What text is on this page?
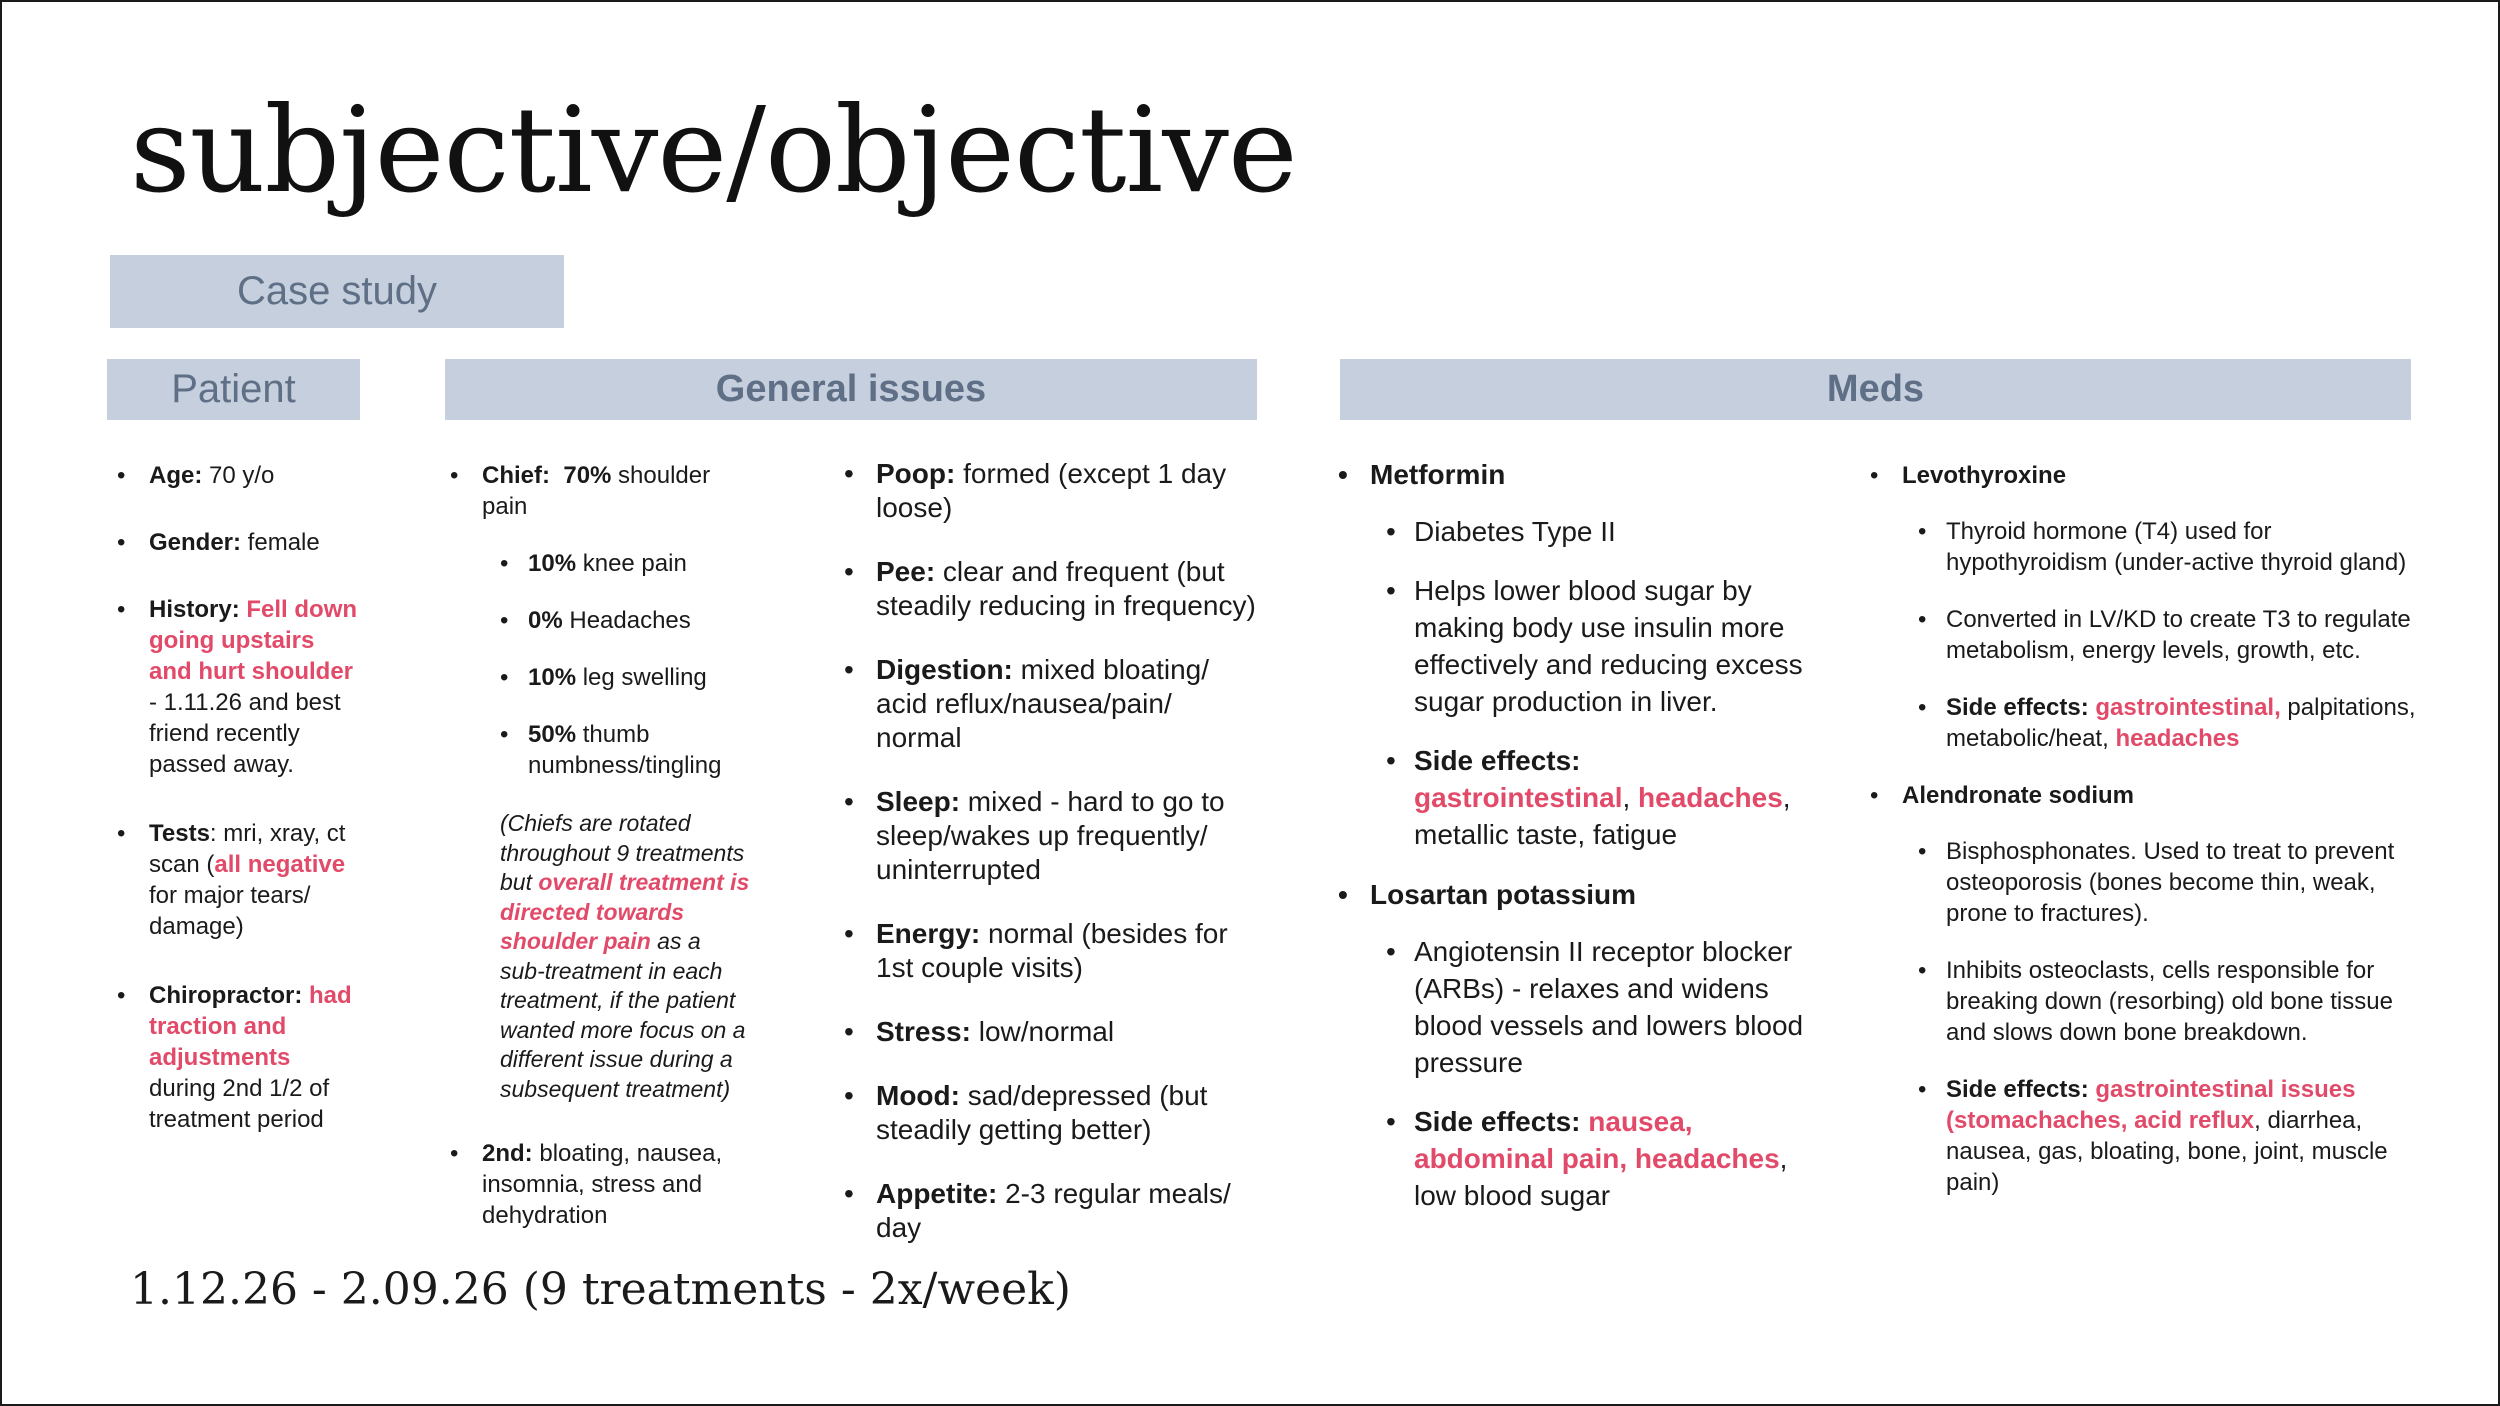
subjective/objective
Case study
Patient	General issues	Meds
• Age: 70 y/o
• Gender: female
• History: Fell down going upstairs and hurt shoulder - 1.11.26 and best friend recently passed away.
• Tests: mri, xray, ct scan (all negative for major tears/ damage)
• Chiropractor: had traction and adjustments during 2nd 1/2 of treatment period
• Chief: 70% shoulder pain
• 10% knee pain
• 0% Headaches
• 10% leg swelling
• 50% thumb numbness/tingling

(Chiefs are rotated throughout 9 treatments but overall treatment is directed towards shoulder pain as a sub-treatment in each treatment, if the patient wanted more focus on a different issue during a subsequent treatment)

• 2nd: bloating, nausea, insomnia, stress and dehydration
• Poop: formed (except 1 day loose)
• Pee: clear and frequent (but steadily reducing in frequency)
• Digestion: mixed bloating/ acid reflux/nausea/pain/ normal
• Sleep: mixed - hard to go to sleep/wakes up frequently/ uninterrupted
• Energy: normal (besides for 1st couple visits)
• Stress: low/normal
• Mood: sad/depressed (but steadily getting better)
• Appetite: 2-3 regular meals/ day
• Metformin
• Diabetes Type II
• Helps lower blood sugar by making body use insulin more effectively and reducing excess sugar production in liver.
• Side effects:
gastrointestinal, headaches, metallic taste, fatigue
• Losartan potassium
• Angiotensin II receptor blocker (ARBs) - relaxes and widens blood vessels and lowers blood pressure
• Side effects: nausea, abdominal pain, headaches, low blood sugar
• Levothyroxine
• Thyroid hormone (T4) used for hypothyroidism (under-active thyroid gland)
• Converted in LV/KD to create T3 to regulate metabolism, energy levels, growth, etc.
• Side effects: gastrointestinal, palpitations, metabolic/heat, headaches
• Alendronate sodium
• Bisphosphonates. Used to treat to prevent osteoporosis (bones become thin, weak, prone to fractures).
• Inhibits osteoclasts, cells responsible for breaking down (resorbing) old bone tissue and slows down bone breakdown.
• Side effects: gastrointestinal issues (stomachaches, acid reflux, diarrhea, nausea, gas, bloating, bone, joint, muscle pain)
1.12.26 - 2.09.26 (9 treatments - 2x/week)
